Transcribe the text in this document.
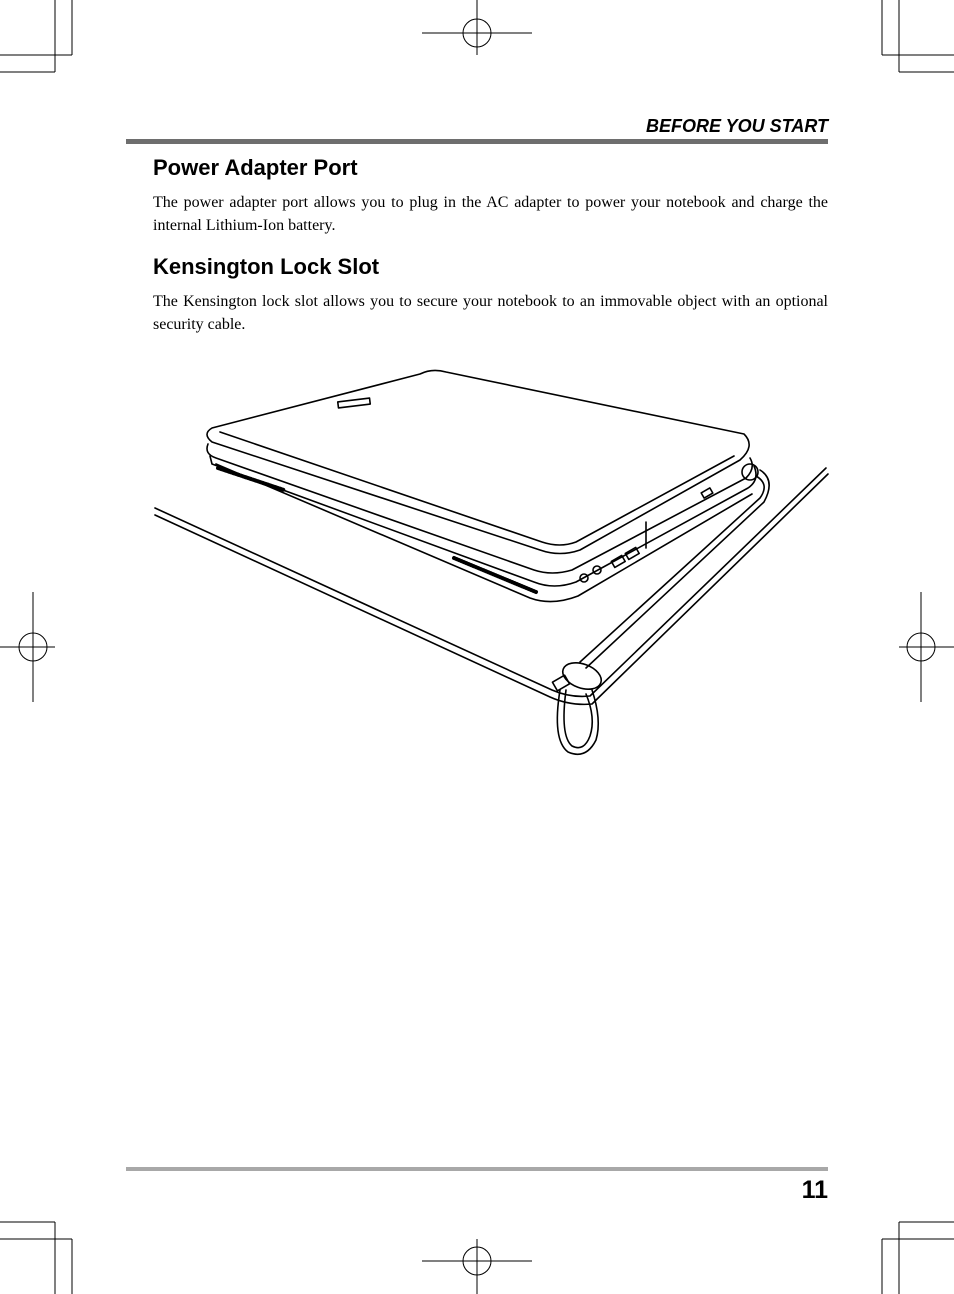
BEFORE YOU START
Power Adapter Port

The power adapter port allows you to plug in the AC adapter to power your notebook and charge the internal Lithium-Ion battery.

Kensington Lock Slot

The Kensington lock slot allows you to secure your notebook to an immovable object with an optional security cable.

11
